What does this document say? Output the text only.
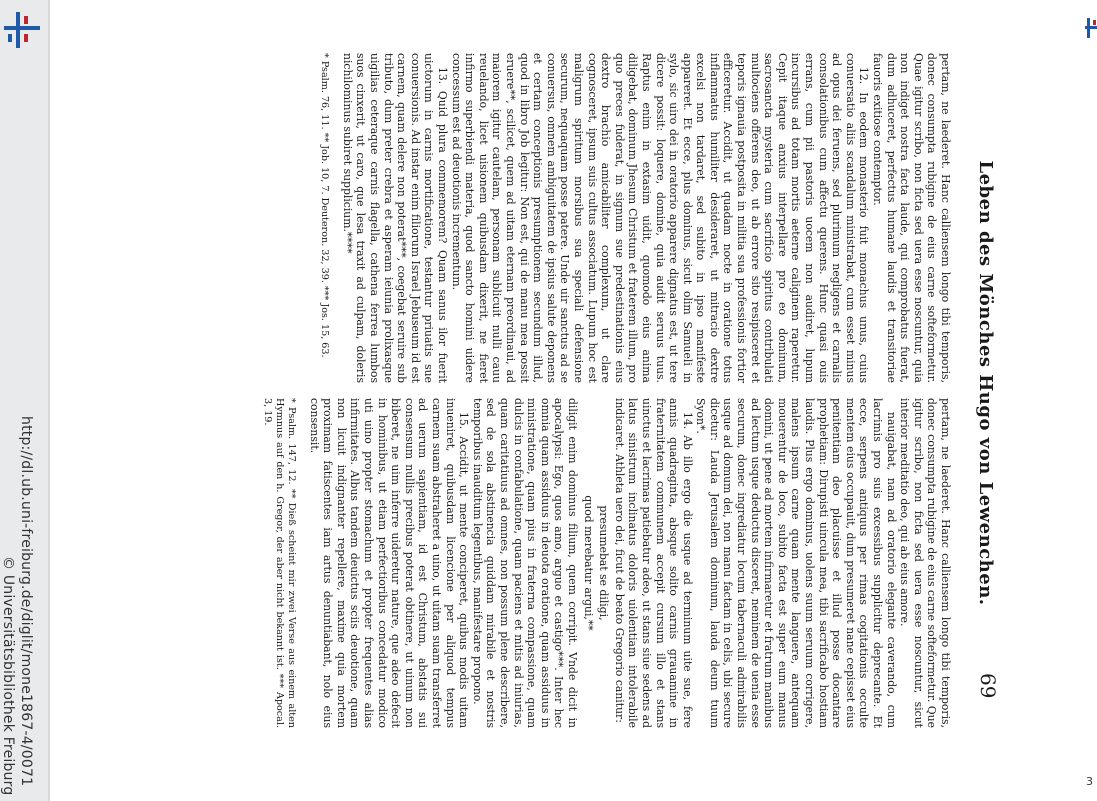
3
http://dl.ub.uni-freiburg.de/diglit/mone1867-4/0071
© Universitätsbibliothek Freiburg
Leben des Mönches Hugo von Lewenchen.
69

pertam, ne laederet. Hanc calliensem longo tibi temporis, donec consumpta rubigine de eius carne softeformetur. Quae igitur scribo, non ficta sed uera esse noscuntur, quia non indiget nostra facta laude, qui comprobatus fuerat, dum adhuceret, perfectus humane laudis et transitoriae fauoris exitiose contemptor.

12. In eodem monasterio fuit monachus unus, cuius conuersatio aliis scandalum ministrabat, cum esset minus ad opus dei feruens, sed plurimum negligens et carnalis consolationibus cum affectu querens. Hunc quasi ouis errans, cum pii pastoris uocem non audiret, lupum incursibus ad totam mortis aeterne caliginem raperetur. Cepit itaque anxius interpellare pro eo dominum, sacrosancta mysteria cum sacrificio spiritus contribulati multociens offerens deo, ut ab errore sito resipisceret et teporis ignauia postposita in militia sua professionis fortior efficeretur. Accidit, ut quadam nocte in oratione totus inflammatus humiliter desideraret, ut mitracio dextre excelsi non tardaret, sed subito in ipso manifeste appareret. Et ecce, plus dominus, sicut olim Samueli in sylo, sic uiro dei in oratorio apparere dignatus est, ut tere dicere possit: loquere, domine, quia audit seruus tuus. Raptus enim in extasim uidit, quomodo eius anima diligebat, dominum Jhesum Christum et fraterem illum, pro quo preces fuderat, in signum sue predestinationis eius dextro brachio amicabiliter complexum, ut clare cognosceret, ipsum suis cultus associatum. Lupum hoc est maligrum spiritum morsibus sua speciali defensione securum, nequaquam posse patere. Unde uir sanctus ad se conuersus, omnem ambiguitatem de ipsius salute deponens et certam conceptionis presumptionem secundum illud, quod in libro Job legitur: Non est, qui de manu mea possit eruere**, scilicet, quem ad uitam eternam preordinaui, ad maiorem igitur cautelam, personam sublicuit nulli cauu reuelando, licet uisionem quibusdam dixerit, ne fieret infirmo superbiendi materia, quod sancto homini uidere concessum est ad deuotionis incrementum.

13. Quid plura commemorem? Quam sanus ilor fuerit uictorum in carnis mortificatione, testantur priuatis sue conuersionis. Ad instar enim filiorum Israel Jebuseum id est carnem, quam delere non poterat***, coegebat seruire sub tributo, dum preter crebra et asperam ieiunia prolixasque uigilias ceteraque carnis flagella, cathena ferrea lumbos suos cinxerit, ut caro, que lesa traxit ad culpam, doleris nichilominus subiret supplicium.****

* Psalm. 76, 11. ** Job. 10, 7. Deuteron. 32, 39. *** Jos. 15, 63.

pertam, ne laederet. Hanc calliensem longo tibi temporis, donec consumpta rubigine de eius carne softeformetur. Que igitur scribo, non ficta sed uera esse noscuntur, sicut interior meditatio deo, qui ab eius amore.

nauigabat, nam ad oratorio elegante caverando, cum lacrimis pro suis excessibus supplicitur deprecante. Et ecce, serpens antiquus per rimas cogitationis occulte mentem eius occupauit, dum presumeret nane cepisset eius penitentiam deo placuisse et illud posse docantare prophetiam: Dirupisti uincula mea, tibi sacrificabo hostiam laudis. Plus ergo dominus, uolens suum seruum corrigere, malens ipsum carne quam mente languere, antequam mouerentur de loco, subito facta est super eum manus domini, ut pene ad mortem infirmaretur et fratrum manibus ad lectum usque deductus disceret, neminem de uenia esse securum, donec ingrediatur locum tabernaculi admirabilis usque ad domum dei, non manu factam in celis, ubi secure dicetur: Lauda Jerusalem dominum, lauda deum tuum Syon*.

14. Ab illo ergo die usque ad terminum uite sue, fere annis quadraginta, absque solito carnis grauamine in fraternitatem communem accepit cursum illo et stans uinctus et lacrimas patiebatur adeo, ut stans siue sedens ad latus sinistrum inclinatus doloris uiolentiam intolerabile indicaret. Athleta uero dei, ficut de beato Gregorio canitur:

presumebat se diligi,

quod merebatur argui,**

diligit enim dominus filium, quem corripit. Vnde dicit in apocalypsi: Ego, quos amo, arguo et castigo***. Inter hec omnia quam assiduus in deuota oratione, quam assiduus in ministratione, quam pius in fraterna compassione, quam dulcis in confabulatione, quam paciens et mitis ad iniurias, quam caritatiuus ad omnes, non possum plene describere, sed de sola abstinencia quiddam mirabile et nostris temporibus inauditum legentibus, manifestare propono.

15. Accidit, ut mente conciperet, quibus modis uitam inueniret, quibusdam licencione per aliquod tempus carnem suam abstraheret a uino, ut uitam suam transferret ad uerum sapientiam, id est Christum, abstatis sui consensum nullis precibus poterat obtinere, ut uinum non biberet, ne uim inferre uideretur nature, que adeo defecit in hominibus, ut etiam perfectioribus concedatur modico uti uino propter stomachum et propter frequentes alias infirmitates. Albus tandem deuictus sciis deuotione, quam non licuit indignanter repellere, maxime quia mortem proximam fatiscentes iam artus denuntiabant, nolo eius consensit.

* Psalm. 147, 12. ** Dieß scheint mir zwei Verse aus einem alten Hymnus auf den h. Gregor, der aber nicht bekannt ist. *** Apocal. 3, 19.
